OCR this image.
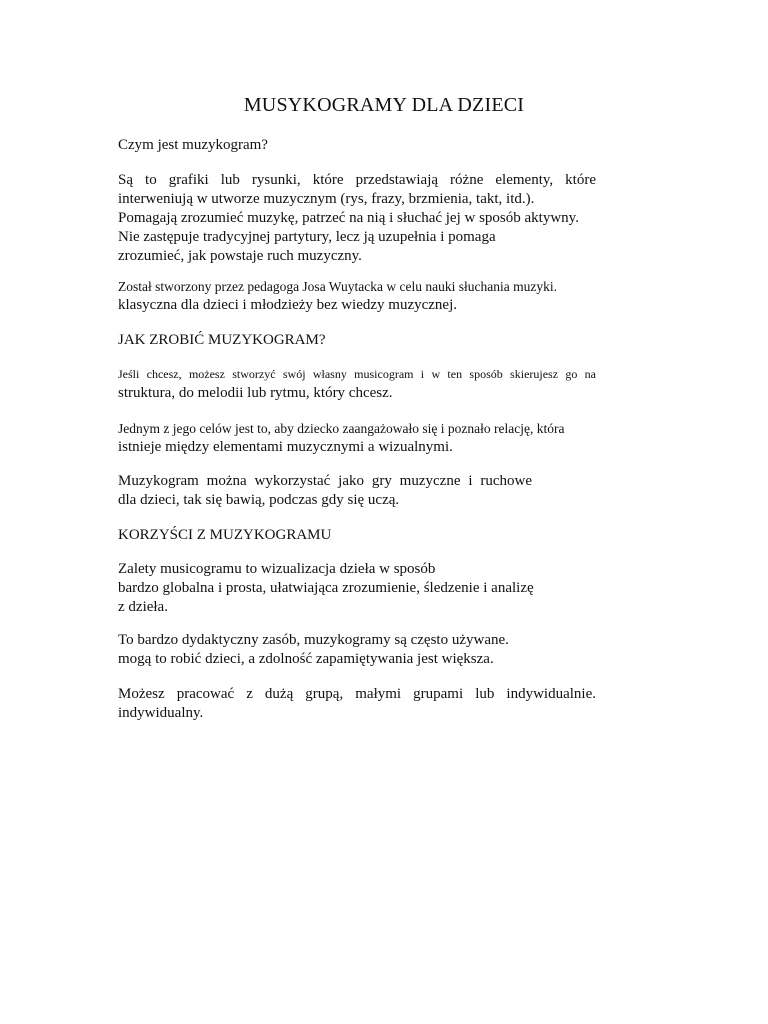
MUSYKOGRAMY DLA DZIECI
Czym jest muzykogram?
Są to grafiki lub rysunki, które przedstawiają różne elementy, które
interweniują w utworze muzycznym (rys, frazy, brzmienia, takt, itd.).
Pomagają zrozumieć muzykę, patrzeć na nią i słuchać jej w sposób aktywny.
Nie zastępuje tradycyjnej partytury, lecz ją uzupełnia i pomaga
zrozumieć, jak powstaje ruch muzyczny.
Został stworzony przez pedagoga Josa Wuytacka w celu nauki słuchania muzyki.
klasyczna dla dzieci i młodzieży bez wiedzy muzycznej.
JAK ZROBIĆ MUZYKOGRAM?
Jeśli chcesz, możesz stworzyć swój własny musicogram i w ten sposób skierujesz go na
struktura, do melodii lub rytmu, który chcesz.
Jednym z jego celów jest to, aby dziecko zaangażowało się i poznało relację, która
istnieje między elementami muzycznymi a wizualnymi.
Muzykogram można wykorzystać jako gry muzyczne i ruchowe
dla dzieci, tak się bawią, podczas gdy się uczą.
KORZYŚCI Z MUZYKOGRAMU
Zalety musicogramu to wizualizacja dzieła w sposób
bardzo globalna i prosta, ułatwiająca zrozumienie, śledzenie i analizę
z dzieła.
To bardzo dydaktyczny zasób, muzykogramy są często używane.
mogą to robić dzieci, a zdolność zapamiętywania jest większa.
Możesz pracować z dużą grupą, małymi grupami lub indywidualnie.
indywidualny.
